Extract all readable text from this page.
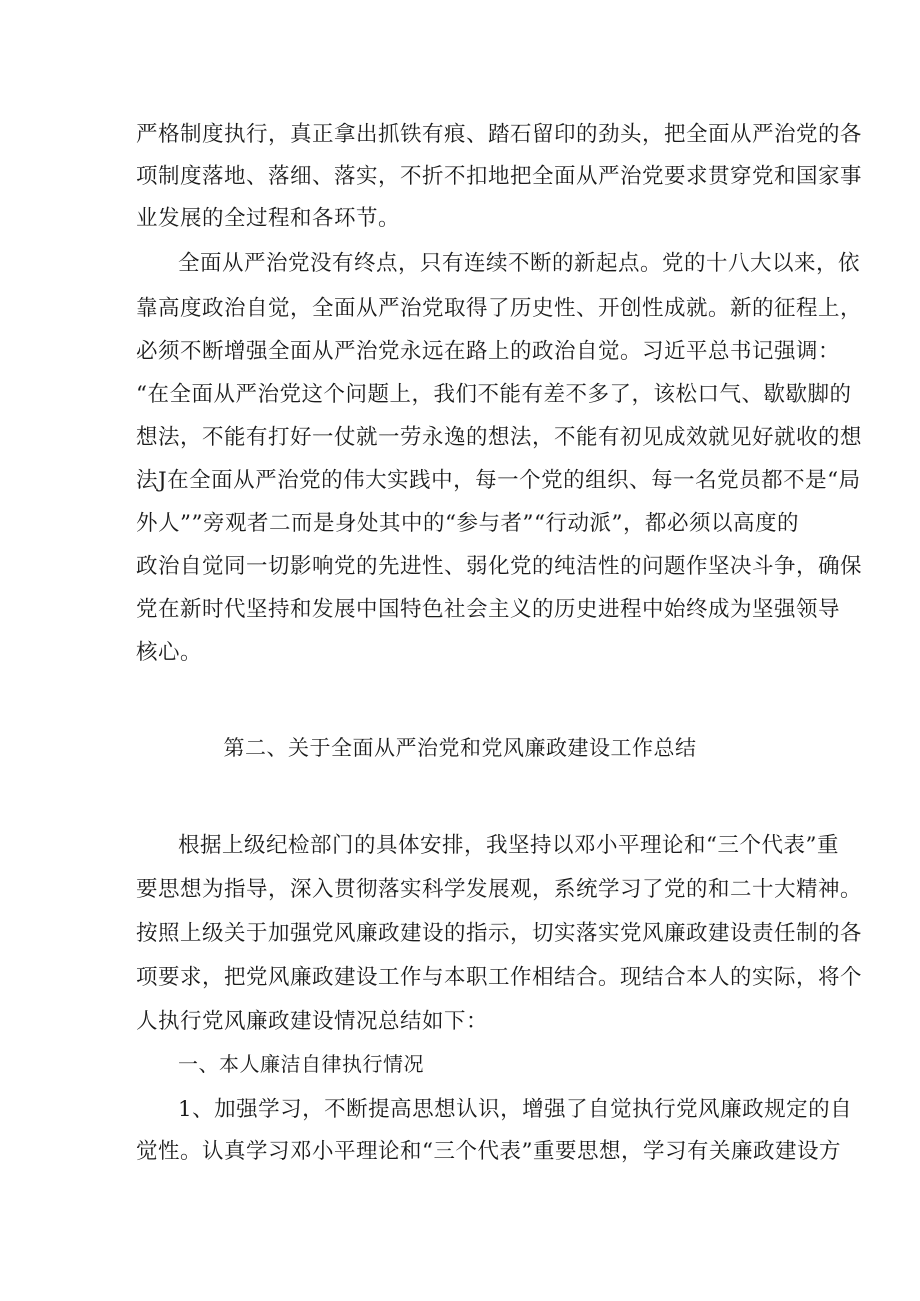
严格制度执行，真正拿出抓铁有痕、踏石留印的劲头，把全面从严治党的各
项制度落地、落细、落实，不折不扣地把全面从严治党要求贯穿党和国家事
业发展的全过程和各环节。
全面从严治党没有终点，只有连续不断的新起点。党的十八大以来，依
靠高度政治自觉，全面从严治党取得了历史性、开创性成就。新的征程上，
必须不断增强全面从严治党永远在路上的政治自觉。习近平总书记强调：
“在全面从严治党这个问题上，我们不能有差不多了，该松口气、歇歇脚的
想法，不能有打好一仗就一劳永逸的想法，不能有初见成效就见好就收的想
法J在全面从严治党的伟大实践中，每一个党的组织、每一名党员都不是“局
外人””旁观者二而是身处其中的“参与者”“行动派”，都必须以高度的
政治自觉同一切影响党的先进性、弱化党的纯洁性的问题作坚决斗争，确保
党在新时代坚持和发展中国特色社会主义的历史进程中始终成为坚强领导
核心。
第二、关于全面从严治党和党风廉政建设工作总结
根据上级纪检部门的具体安排，我坚持以邓小平理论和“三个代表”重
要思想为指导，深入贯彻落实科学发展观，系统学习了党的和二十大精神。
按照上级关于加强党风廉政建设的指示，切实落实党风廉政建设责任制的各
项要求，把党风廉政建设工作与本职工作相结合。现结合本人的实际，将个
人执行党风廉政建设情况总结如下：
一、本人廉洁自律执行情况
1、加强学习，不断提高思想认识，增强了自觉执行党风廉政规定的自
觉性。认真学习邓小平理论和“三个代表”重要思想，学习有关廉政建设方
